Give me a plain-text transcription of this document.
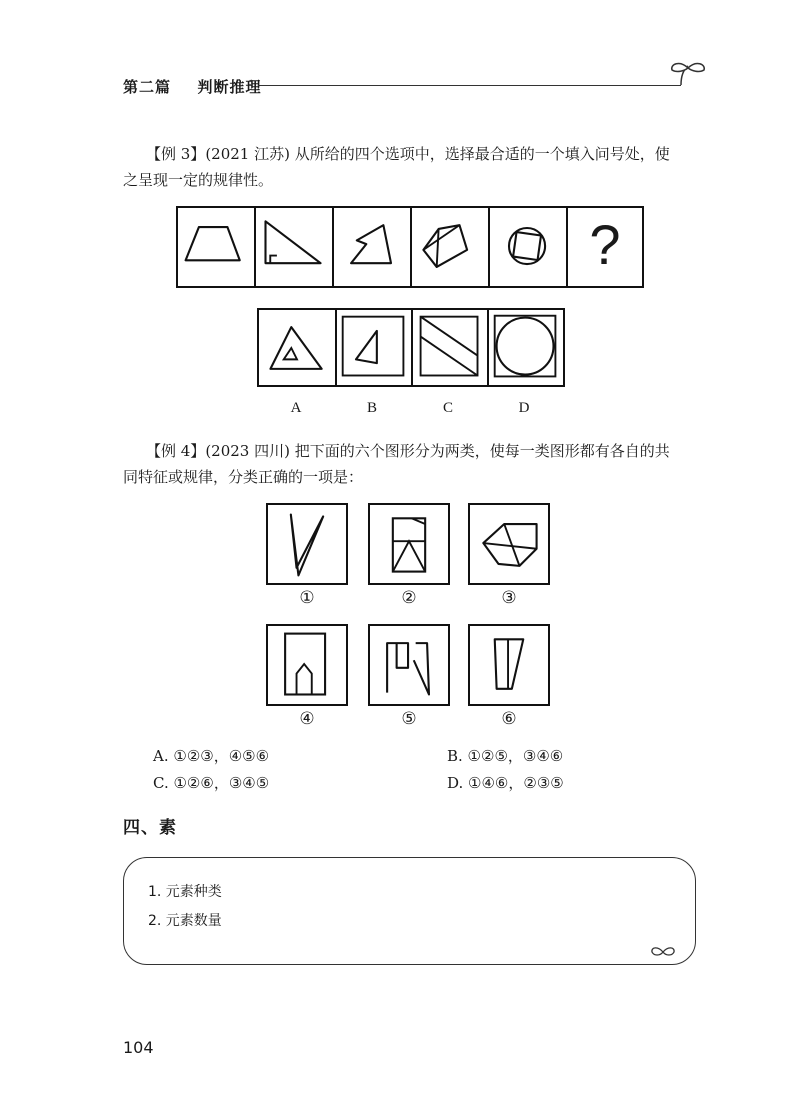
第二篇 判断推理
【例 3】(2021 江苏) 从所给的四个选项中，选择最合适的一个填入问号处，使
之呈现一定的规律性。
?
A	B	C	D
【例 4】(2023 四川) 把下面的六个图形分为两类，使每一类图形都有各自的共
同特征或规律，分类正确的一项是：
①	②	③
④	⑤	⑥
A. ①②③，④⑤⑥	B. ①②⑤，③④⑥
C. ①②⑥，③④⑤	D. ①④⑥，②③⑤
四、素
1. 元素种类
2. 元素数量
104
